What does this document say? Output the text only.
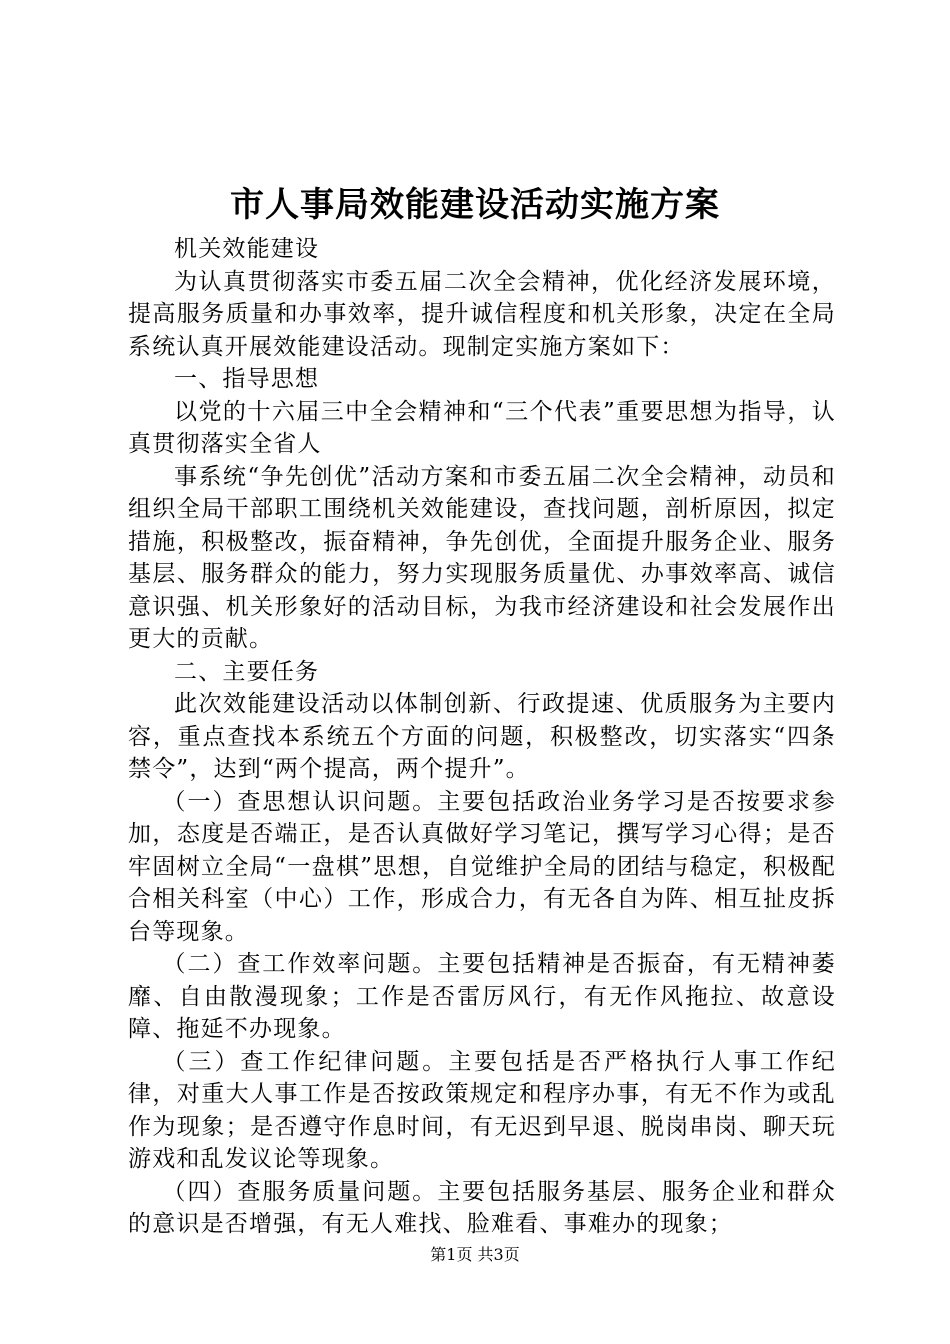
市人事局效能建设活动实施方案

机关效能建设

为认真贯彻落实市委五届二次全会精神，优化经济发展环境，提高服务质量和办事效率，提升诚信程度和机关形象，决定在全局系统认真开展效能建设活动。现制定实施方案如下：

一、指导思想

以党的十六届三中全会精神和“三个代表”重要思想为指导，认真贯彻落实全省人

事系统“争先创优”活动方案和市委五届二次全会精神，动员和组织全局干部职工围绕机关效能建设，查找问题，剖析原因，拟定措施，积极整改，振奋精神，争先创优，全面提升服务企业、服务基层、服务群众的能力，努力实现服务质量优、办事效率高、诚信意识强、机关形象好的活动目标，为我市经济建设和社会发展作出更大的贡献。

二、主要任务

此次效能建设活动以体制创新、行政提速、优质服务为主要内容，重点查找本系统五个方面的问题，积极整改，切实落实“四条禁令”，达到“两个提高，两个提升”。

（一）查思想认识问题。主要包括政治业务学习是否按要求参加，态度是否端正，是否认真做好学习笔记，撰写学习心得；是否牢固树立全局“一盘棋”思想，自觉维护全局的团结与稳定，积极配合相关科室（中心）工作，形成合力，有无各自为阵、相互扯皮拆台等现象。

（二）查工作效率问题。主要包括精神是否振奋，有无精神萎靡、自由散漫现象；工作是否雷厉风行，有无作风拖拉、故意设障、拖延不办现象。

（三）查工作纪律问题。主要包括是否严格执行人事工作纪律，对重大人事工作是否按政策规定和程序办事，有无不作为或乱作为现象；是否遵守作息时间，有无迟到早退、脱岗串岗、聊天玩游戏和乱发议论等现象。

（四）查服务质量问题。主要包括服务基层、服务企业和群众的意识是否增强，有无人难找、脸难看、事难办的现象；

第1页 共3页
